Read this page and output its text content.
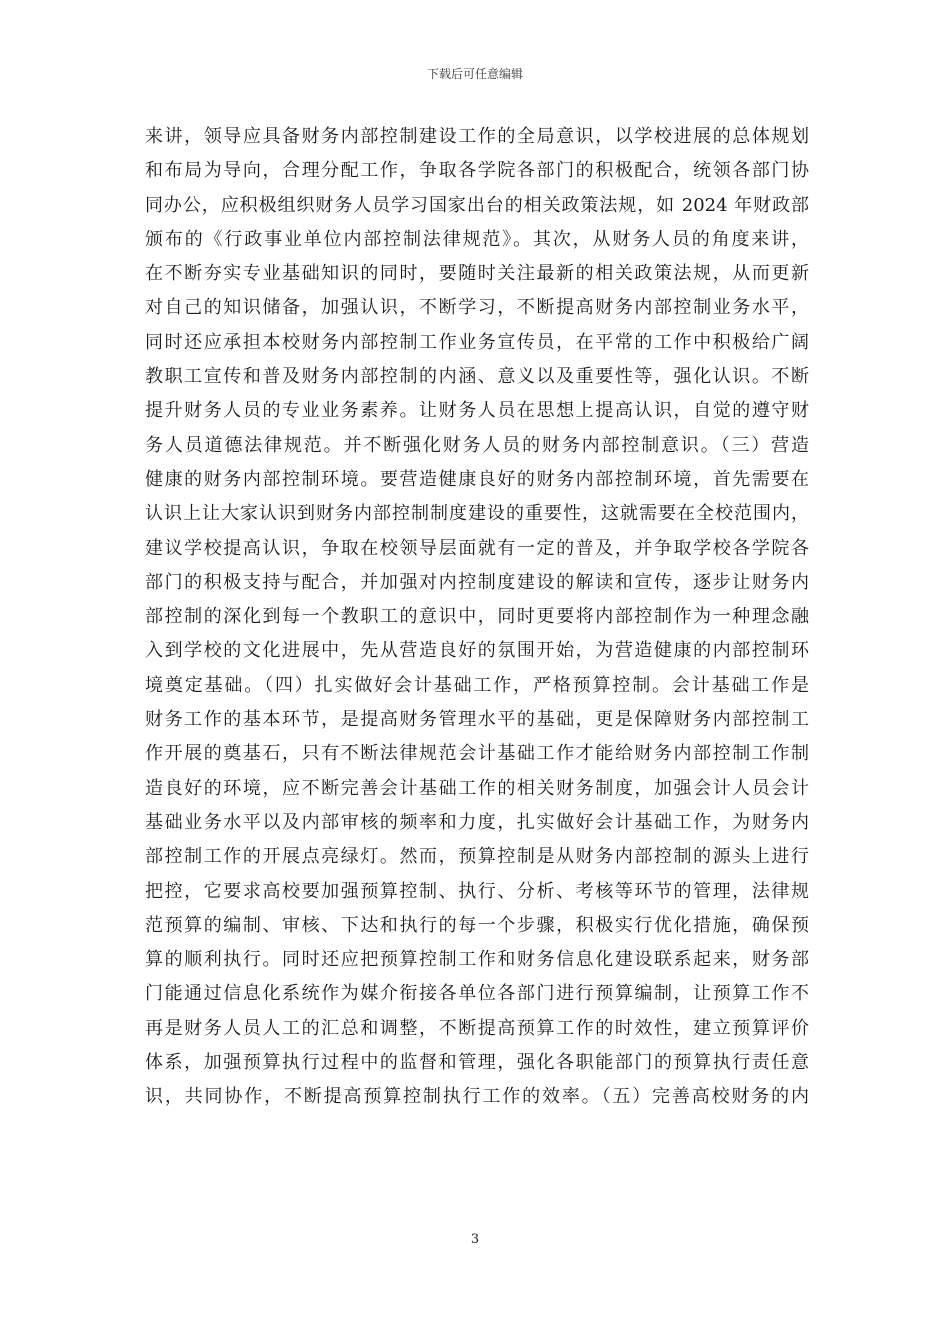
下载后可任意编辑
来讲，领导应具备财务内部控制建设工作的全局意识，以学校进展的总体规划
和布局为导向，合理分配工作，争取各学院各部门的积极配合，统领各部门协
同办公，应积极组织财务人员学习国家出台的相关政策法规，如 2024 年财政部
颁布的《行政事业单位内部控制法律规范》。其次，从财务人员的角度来讲，
在不断夯实专业基础知识的同时，要随时关注最新的相关政策法规，从而更新
对自己的知识储备，加强认识，不断学习，不断提高财务内部控制业务水平，
同时还应承担本校财务内部控制工作业务宣传员，在平常的工作中积极给广阔
教职工宣传和普及财务内部控制的内涵、意义以及重要性等，强化认识。不断
提升财务人员的专业业务素养。让财务人员在思想上提高认识，自觉的遵守财
务人员道德法律规范。并不断强化财务人员的财务内部控制意识。（三）营造
健康的财务内部控制环境。要营造健康良好的财务内部控制环境，首先需要在
认识上让大家认识到财务内部控制制度建设的重要性，这就需要在全校范围内，
建议学校提高认识，争取在校领导层面就有一定的普及，并争取学校各学院各
部门的积极支持与配合，并加强对内控制度建设的解读和宣传，逐步让财务内
部控制的深化到每一个教职工的意识中，同时更要将内部控制作为一种理念融
入到学校的文化进展中，先从营造良好的氛围开始，为营造健康的内部控制环
境奠定基础。（四）扎实做好会计基础工作，严格预算控制。会计基础工作是
财务工作的基本环节，是提高财务管理水平的基础，更是保障财务内部控制工
作开展的奠基石，只有不断法律规范会计基础工作才能给财务内部控制工作制
造良好的环境，应不断完善会计基础工作的相关财务制度，加强会计人员会计
基础业务水平以及内部审核的频率和力度，扎实做好会计基础工作，为财务内
部控制工作的开展点亮绿灯。然而，预算控制是从财务内部控制的源头上进行
把控，它要求高校要加强预算控制、执行、分析、考核等环节的管理，法律规
范预算的编制、审核、下达和执行的每一个步骤，积极实行优化措施，确保预
算的顺利执行。同时还应把预算控制工作和财务信息化建设联系起来，财务部
门能通过信息化系统作为媒介衔接各单位各部门进行预算编制，让预算工作不
再是财务人员人工的汇总和调整，不断提高预算工作的时效性，建立预算评价
体系，加强预算执行过程中的监督和管理，强化各职能部门的预算执行责任意
识，共同协作，不断提高预算控制执行工作的效率。（五）完善高校财务的内
3
